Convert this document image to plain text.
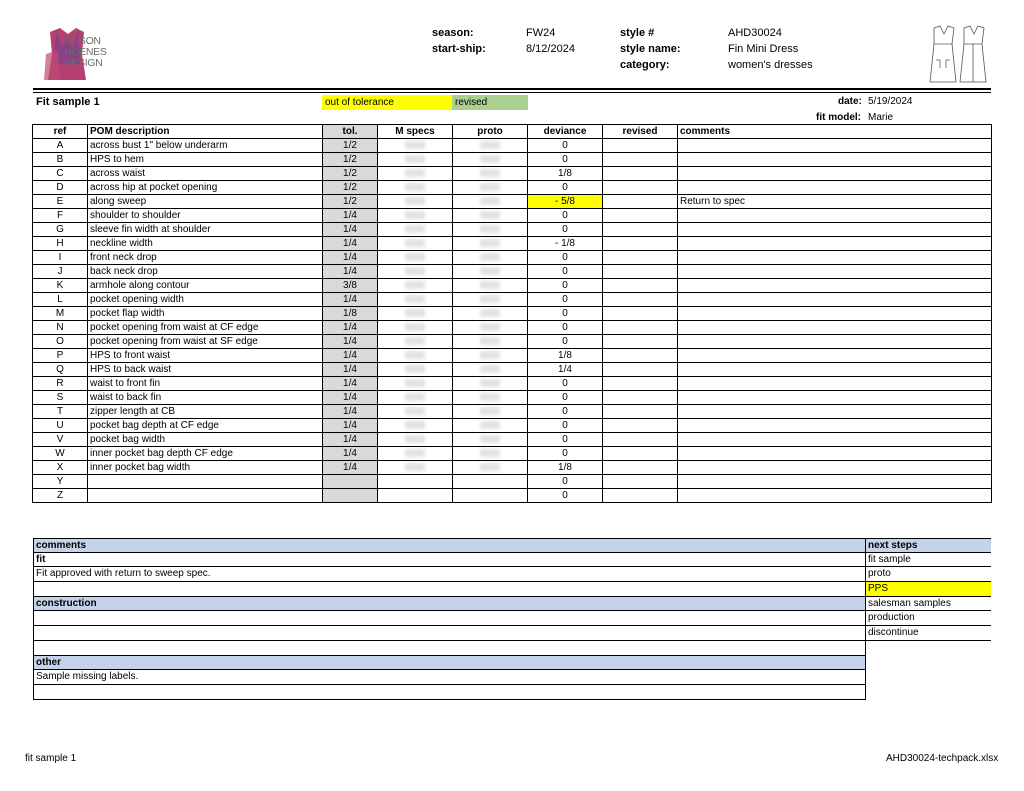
ALISON HOENES DESIGN
season:	FW24
start-ship:	8/12/2024
style #	AHD30024
style name:	Fin Mini Dress
category:	women's dresses
Fit sample 1	out of tolerance	revised	date: 5/19/2024
fit model: Marie
ref	POM description	tol.	M specs	proto	deviance	revised	comments
A	across bust 1" below underarm	1/2			0		
B	HPS to hem	1/2			0		
C	across waist	1/2			1/8		
D	across hip at pocket opening	1/2			0		
E	along sweep	1/2			- 5/8		Return to spec
F	shoulder to shoulder	1/4			0		
G	sleeve fin width at shoulder	1/4			0		
H	neckline width	1/4			- 1/8		
I	front neck drop	1/4			0		
J	back neck drop	1/4			0		
K	armhole along contour	3/8			0		
L	pocket opening width	1/4			0		
M	pocket flap width	1/8			0		
N	pocket opening from waist at CF edge	1/4			0		
O	pocket opening from waist at SF edge	1/4			0		
P	HPS to front waist	1/4			1/8		
Q	HPS to back waist	1/4			1/4		
R	waist to front fin	1/4			0		
S	waist to back fin	1/4			0		
T	zipper length at CB	1/4			0		
U	pocket bag depth at CF edge	1/4			0		
V	pocket bag width	1/4			0		
W	inner pocket bag depth CF edge	1/4			0		
X	inner pocket bag width	1/4			1/8		
Y					0		
Z					0		
comments
fit
Fit approved with return to sweep spec.
construction
other
Sample missing labels.
next steps
fit sample
proto
PPS
salesman samples
production
discontinue
fit sample 1	AHD30024-techpack.xlsx
